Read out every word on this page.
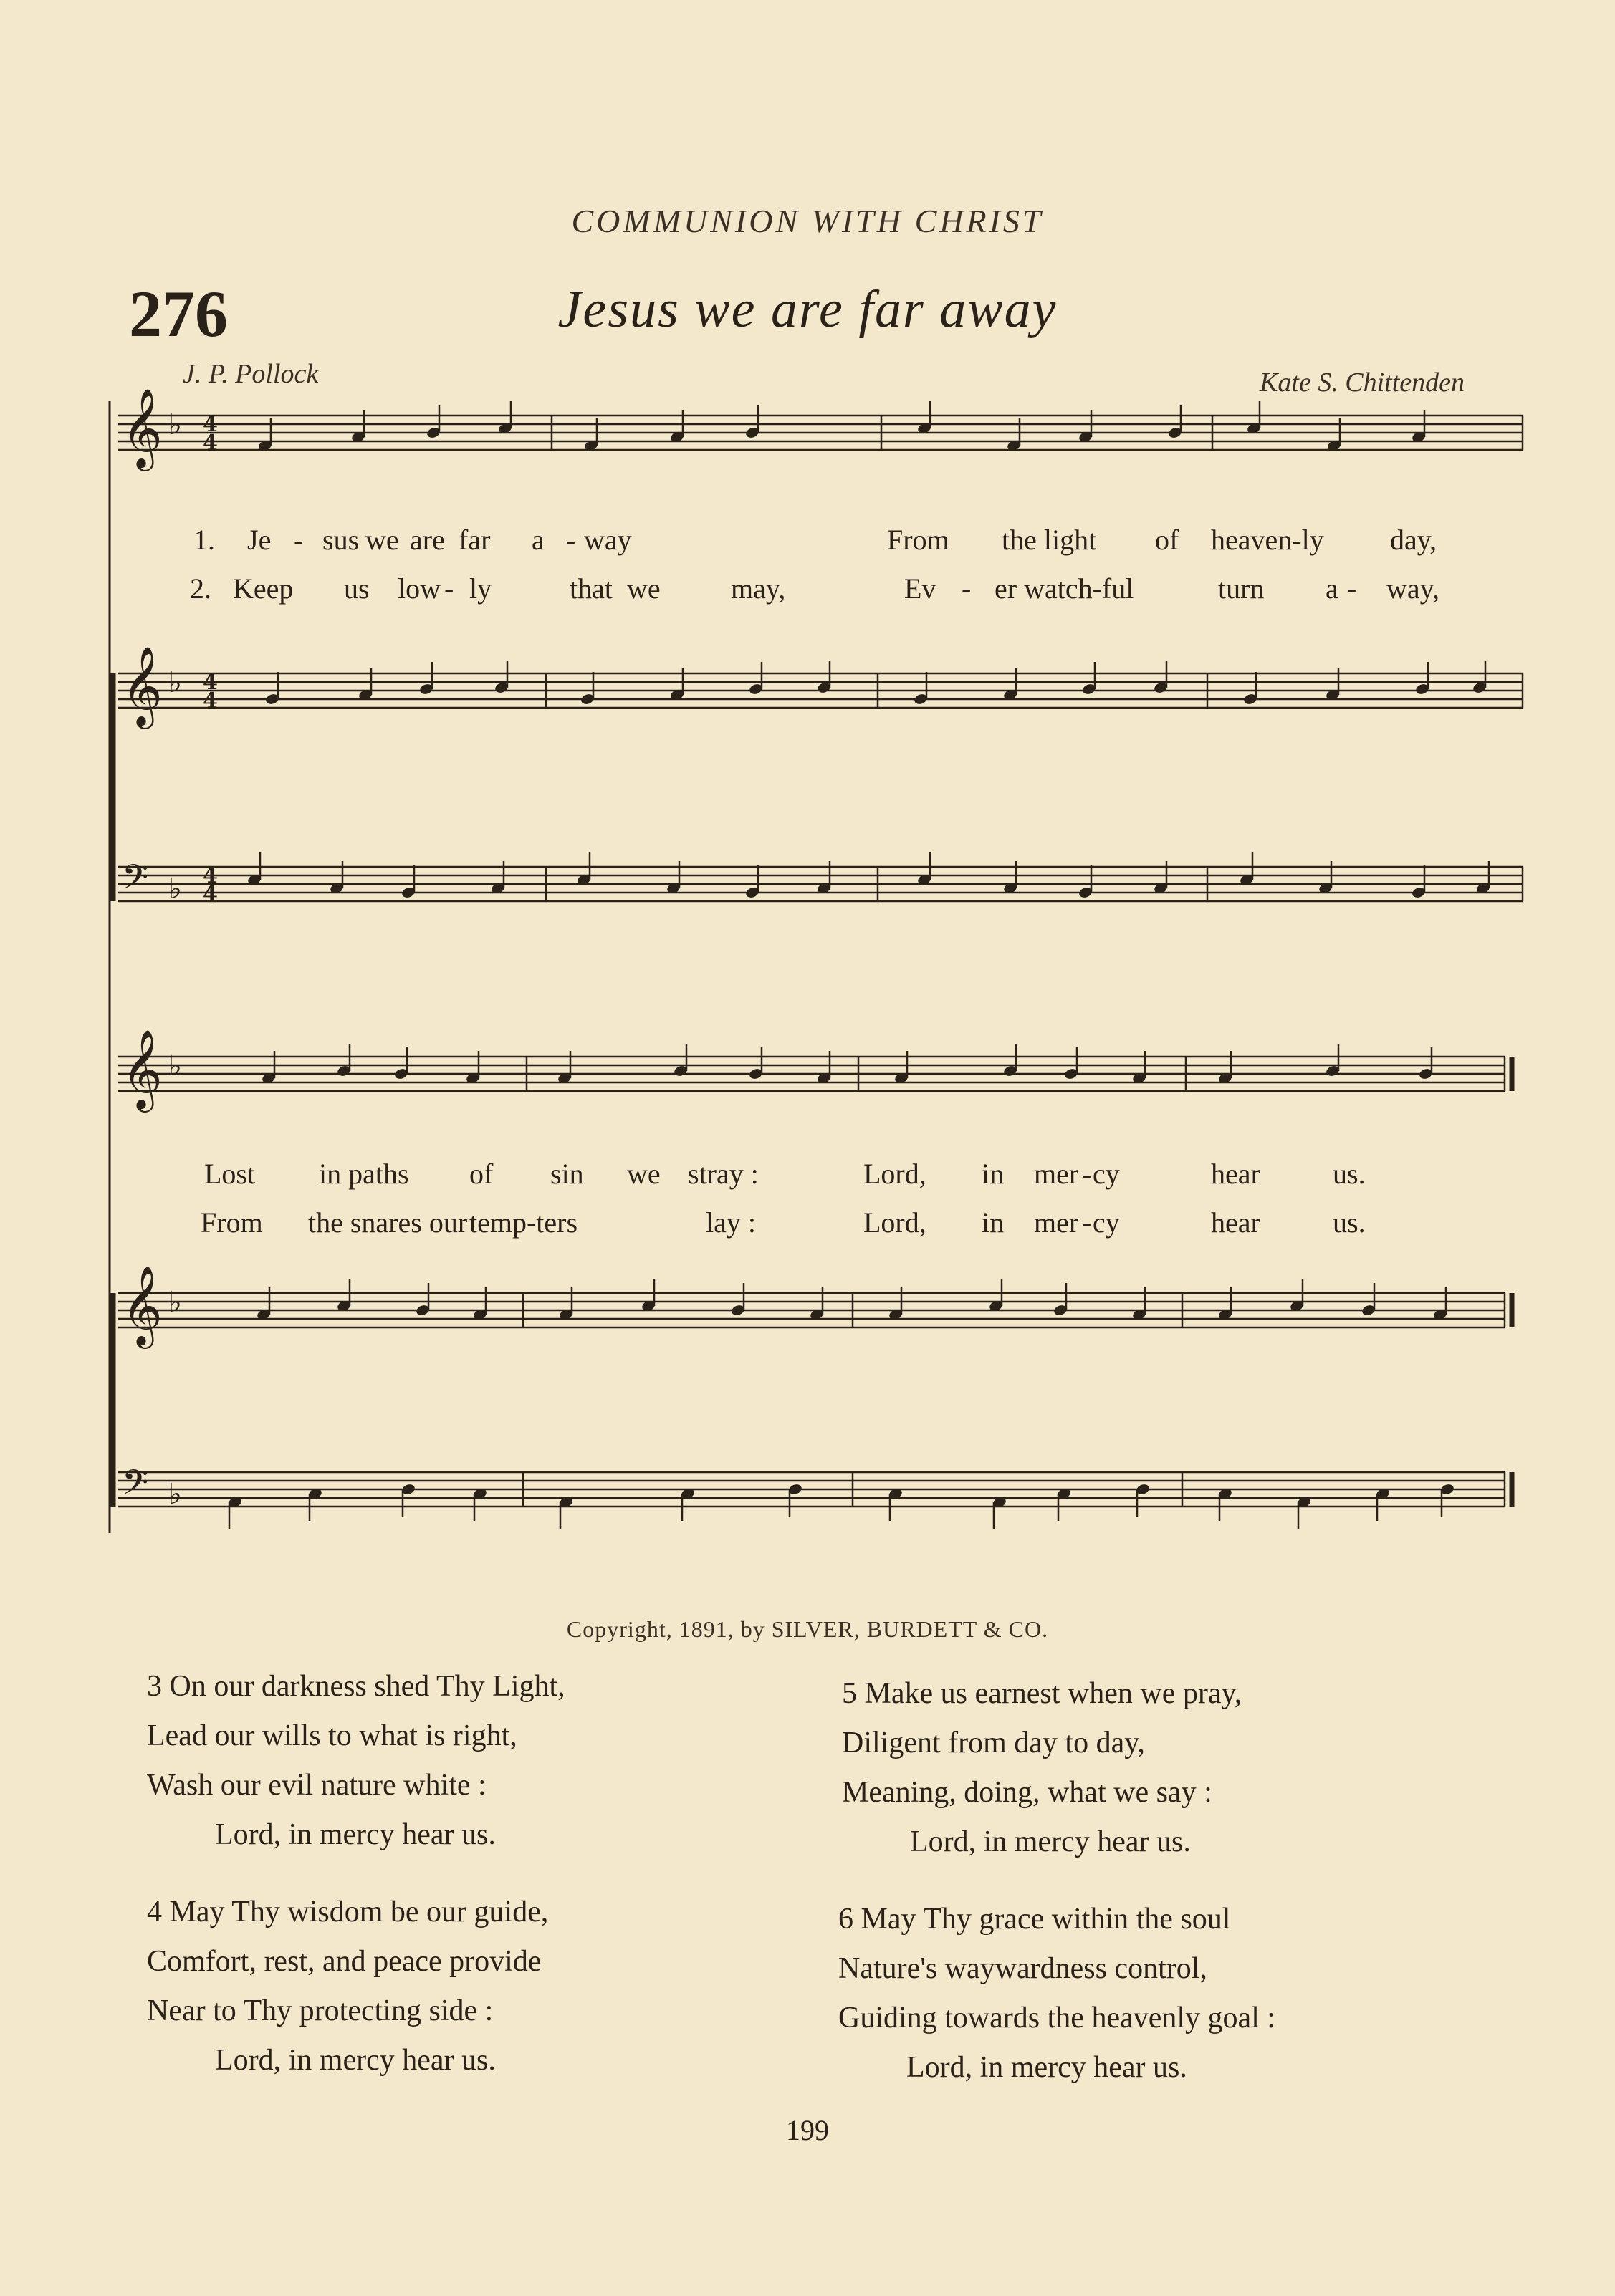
COMMUNION WITH CHRIST
276	Jesus we are far away
J. P. Pollock	Kate S. Chittenden
𝄞 ♭ 4
4
𝄞 ♭ 4
4
𝄢 ♭ 4
4
𝄞 ♭
𝄞 ♭
𝄢 ♭
1. Je - sus we are far a - way	From the light of heaven-ly day,
2. Keep us low - ly	that we may,	Ev - er watch-ful	turn a - way,
Lost in paths of sin we stray :	Lord, in mer - cy	hear	us.
From the snares our temp-ters	lay :	Lord, in mer - cy	hear	us.
Copyright, 1891, by SILVER, BURDETT & CO.
3 On our darkness shed Thy Light,
Lead our wills to what is right,
Wash our evil nature white :
Lord, in mercy hear us.
4 May Thy wisdom be our guide,
Comfort, rest, and peace provide
Near to Thy protecting side :
Lord, in mercy hear us.
5 Make us earnest when we pray,
Diligent from day to day,
Meaning, doing, what we say :
Lord, in mercy hear us.
6 May Thy grace within the soul
Nature's waywardness control,
Guiding towards the heavenly goal :
Lord, in mercy hear us.
199
